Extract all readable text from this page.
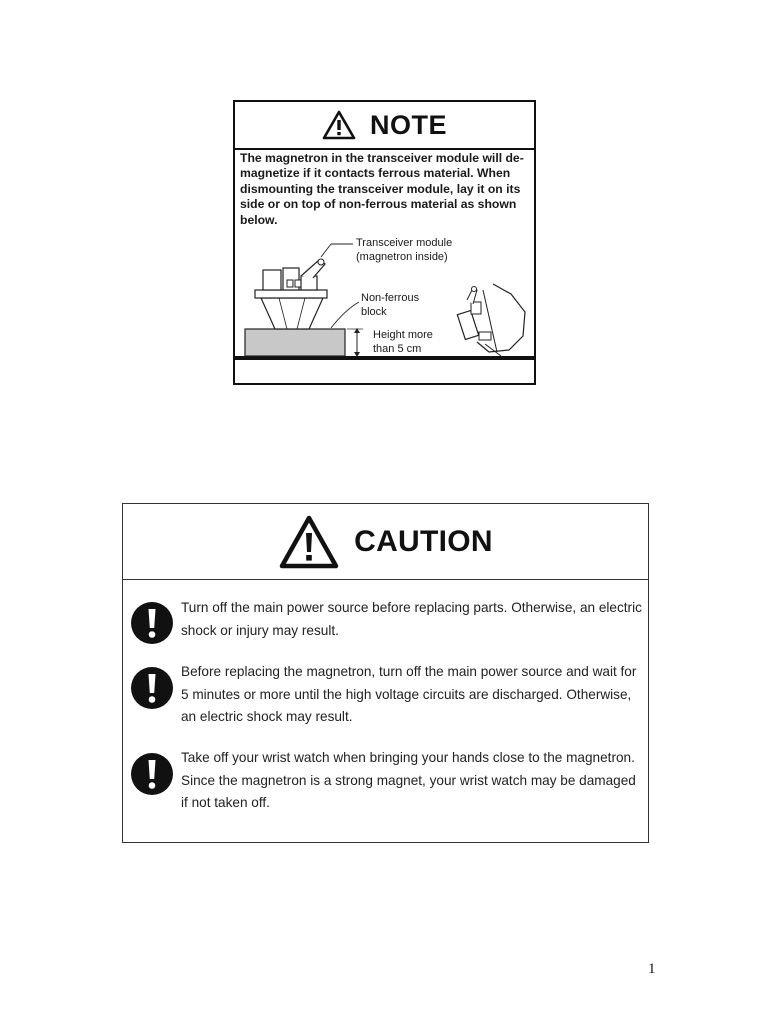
NOTE
The magnetron in the transceiver module will de-magnetize if it contacts ferrous material. When dismounting the transceiver module, lay it on its side or on top of non-ferrous material as shown below.
Transceiver module
(magnetron inside)
Non-ferrous
block
Height more
than 5 cm
CAUTION
Turn off the main power source before replacing parts. Otherwise, an electric shock or injury may result.
Before replacing the magnetron, turn off the main power source and wait for 5 minutes or more until the high voltage circuits are discharged. Otherwise, an electric shock may result.
Take off your wrist watch when bringing your hands close to the magnetron. Since the magnetron is a strong magnet, your wrist watch may be damaged if not taken off.
1
